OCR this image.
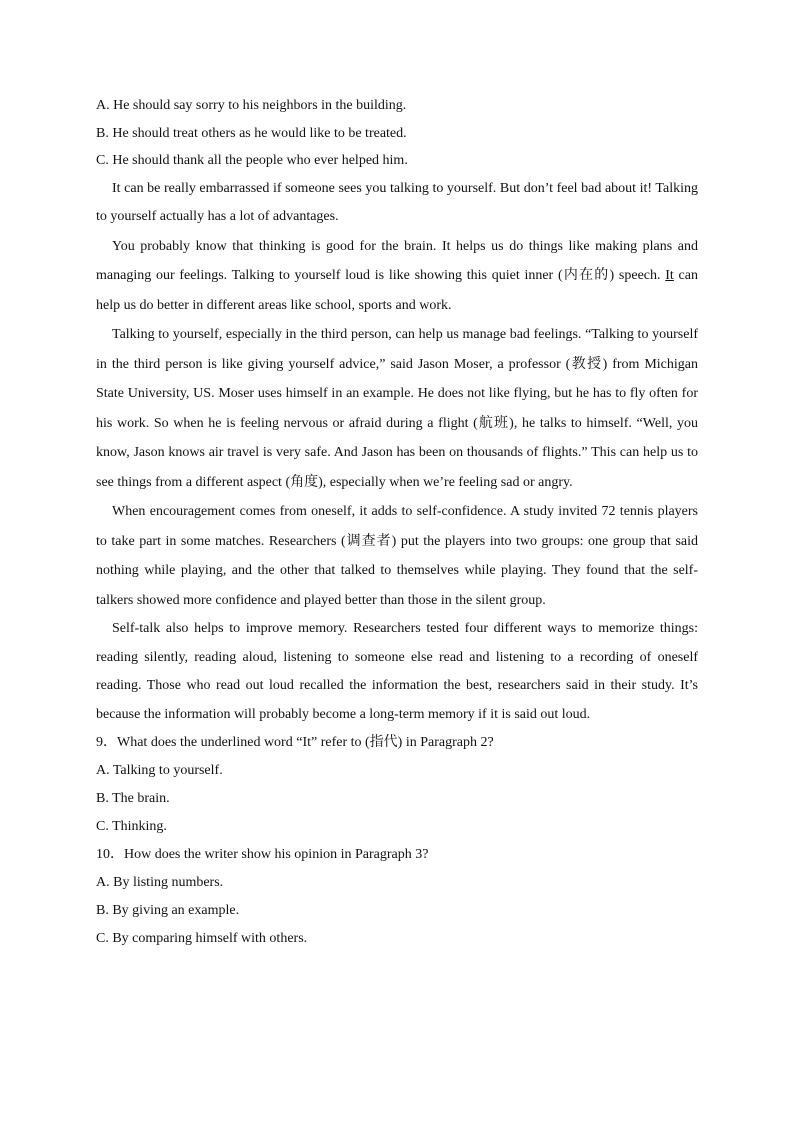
A. He should say sorry to his neighbors in the building.
B. He should treat others as he would like to be treated.
C. He should thank all the people who ever helped him.

It can be really embarrassed if someone sees you talking to yourself. But don’t feel bad about it! Talking to yourself actually has a lot of advantages.

You probably know that thinking is good for the brain. It helps us do things like making plans and managing our feelings. Talking to yourself loud is like showing this quiet inner (内在的) speech. It can help us do better in different areas like school, sports and work.

Talking to yourself, especially in the third person, can help us manage bad feelings. “Talking to yourself in the third person is like giving yourself advice,” said Jason Moser, a professor (教授) from Michigan State University, US. Moser uses himself in an example. He does not like flying, but he has to fly often for his work. So when he is feeling nervous or afraid during a flight (航班), he talks to himself. “Well, you know, Jason knows air travel is very safe. And Jason has been on thousands of flights.” This can help us to see things from a different aspect (角度), especially when we’re feeling sad or angry.

When encouragement comes from oneself, it adds to self-confidence. A study invited 72 tennis players to take part in some matches. Researchers (调查者) put the players into two groups: one group that said nothing while playing, and the other that talked to themselves while playing. They found that the self-talkers showed more confidence and played better than those in the silent group.

Self-talk also helps to improve memory. Researchers tested four different ways to memorize things: reading silently, reading aloud, listening to someone else read and listening to a recording of oneself reading. Those who read out loud recalled the information the best, researchers said in their study. It’s because the information will probably become a long-term memory if it is said out loud.

9．What does the underlined word “It” refer to (指代) in Paragraph 2?
A. Talking to yourself.
B. The brain.
C. Thinking.
10．How does the writer show his opinion in Paragraph 3?
A. By listing numbers.
B. By giving an example.
C. By comparing himself with others.
